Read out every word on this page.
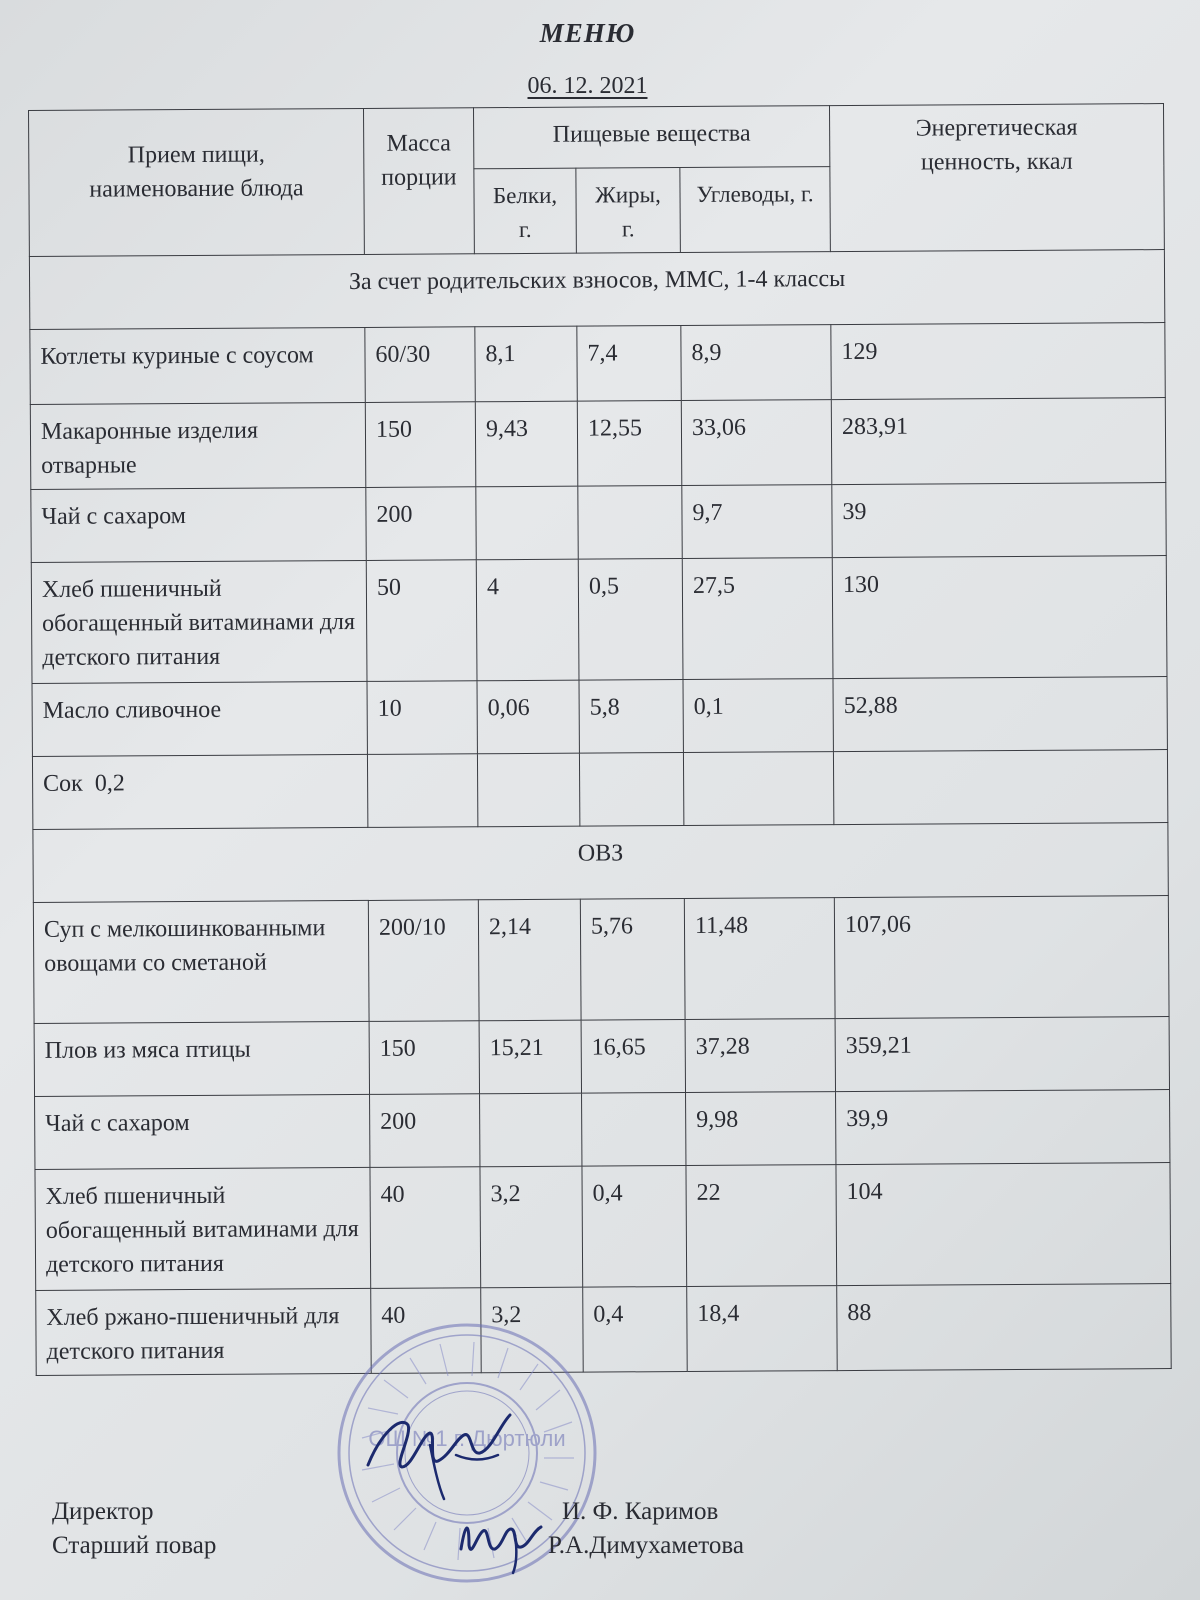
МЕНЮ
06. 12. 2021
Прием пищи, наименование блюда	Масса порции	Пищевые вещества			Энергетическая ценность, ккал
		Белки, г.	Жиры, г.	Углеводы, г.	
За счет родительских взносов, ММС, 1-4 классы					
Котлеты куриные с соусом	60/30	8,1	7,4	8,9	129
Макаронные изделия отварные	150	9,43	12,55	33,06	283,91
Чай с сахаром	200			9,7	39
Хлеб пшеничный обогащенный витаминами для детского питания	50	4	0,5	27,5	130
Масло сливочное	10	0,06	5,8	0,1	52,88
Сок  0,2					
ОВЗ					
Суп с мелкошинкованными овощами со сметаной	200/10	2,14	5,76	11,48	107,06
Плов из мяса птицы	150	15,21	16,65	37,28	359,21
Чай с сахаром	200			9,98	39,9
Хлеб пшеничный обогащенный витаминами для детского питания	40	3,2	0,4	22	104
Хлеб ржано-пшеничный для детского питания	40	3,2	0,4	18,4	88
ОШ №1 г. Дюртюли
Директор
Старший повар
И. Ф. Каримов
Р.А.Димухаметова
